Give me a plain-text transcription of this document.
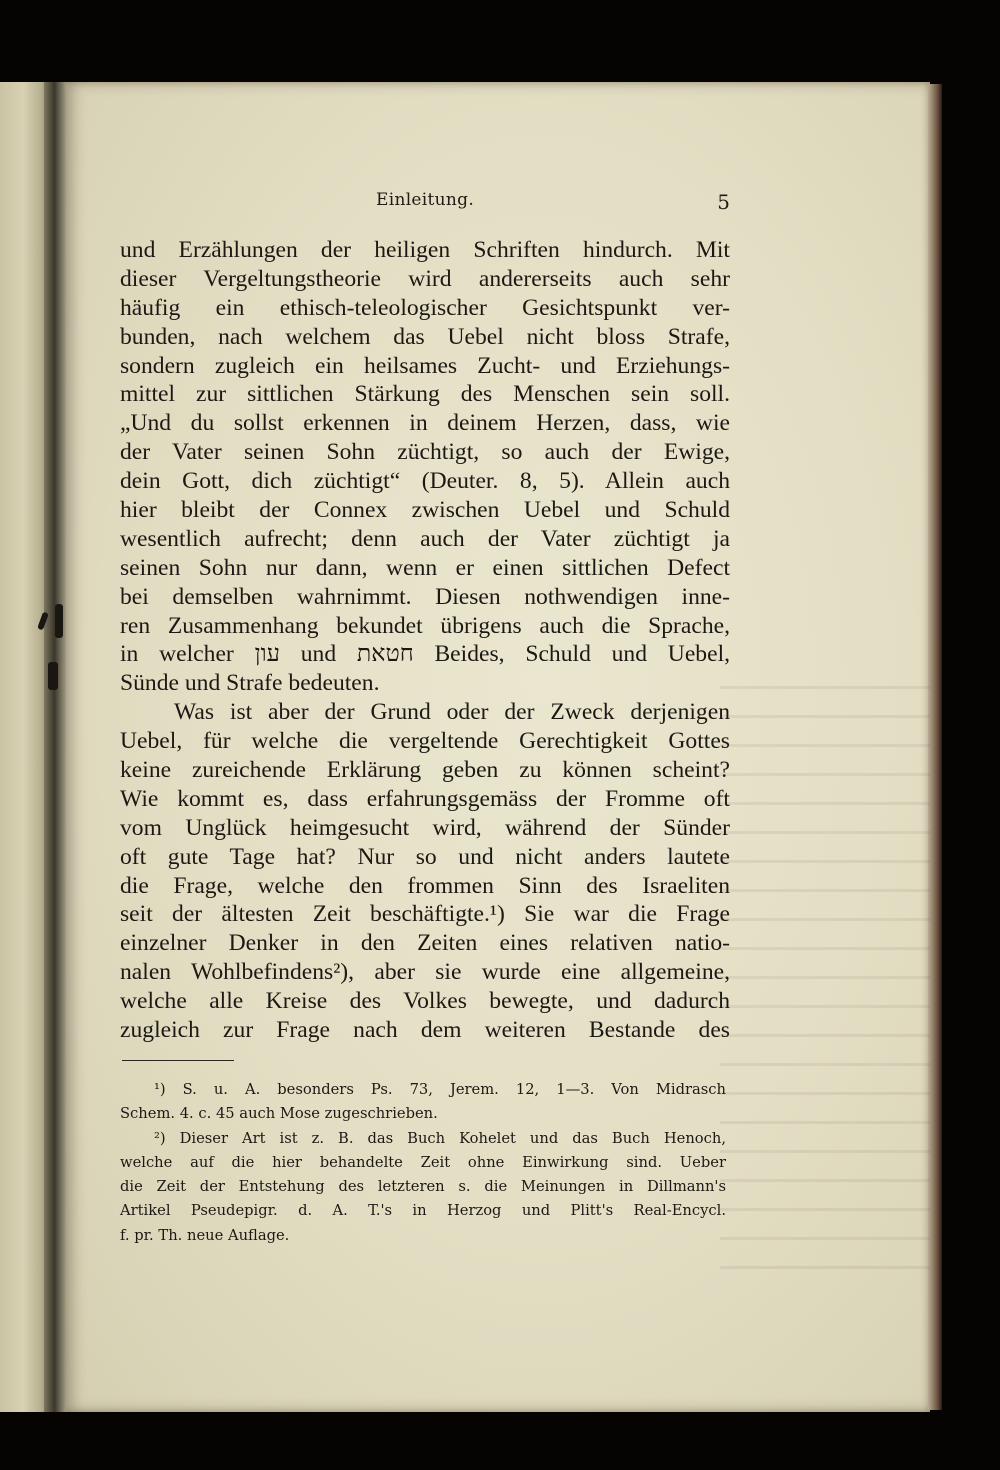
Einleitung.	5
und Erzählungen der heiligen Schriften hindurch. Mit
dieser Vergeltungstheorie wird andererseits auch sehr
häufig ein ethisch-teleologischer Gesichtspunkt ver-
bunden, nach welchem das Uebel nicht bloss Strafe,
sondern zugleich ein heilsames Zucht- und Erziehungs-
mittel zur sittlichen Stärkung des Menschen sein soll.
„Und du sollst erkennen in deinem Herzen, dass, wie
der Vater seinen Sohn züchtigt, so auch der Ewige,
dein Gott, dich züchtigt“ (Deuter. 8, 5). Allein auch
hier bleibt der Connex zwischen Uebel und Schuld
wesentlich aufrecht; denn auch der Vater züchtigt ja
seinen Sohn nur dann, wenn er einen sittlichen Defect
bei demselben wahrnimmt. Diesen nothwendigen inne-
ren Zusammenhang bekundet übrigens auch die Sprache,
in welcher עון und חטאת Beides, Schuld und Uebel,
Sünde und Strafe bedeuten.
Was ist aber der Grund oder der Zweck derjenigen
Uebel, für welche die vergeltende Gerechtigkeit Gottes
keine zureichende Erklärung geben zu können scheint?
Wie kommt es, dass erfahrungsgemäss der Fromme oft
vom Unglück heimgesucht wird, während der Sünder
oft gute Tage hat? Nur so und nicht anders lautete
die Frage, welche den frommen Sinn des Israeliten
seit der ältesten Zeit beschäftigte.¹) Sie war die Frage
einzelner Denker in den Zeiten eines relativen natio-
nalen Wohlbefindens²), aber sie wurde eine allgemeine,
welche alle Kreise des Volkes bewegte, und dadurch
zugleich zur Frage nach dem weiteren Bestande des
¹) S. u. A. besonders Ps. 73, Jerem. 12, 1—3. Von Midrasch
Schem. 4. c. 45 auch Mose zugeschrieben.
²) Dieser Art ist z. B. das Buch Kohelet und das Buch Henoch,
welche auf die hier behandelte Zeit ohne Einwirkung sind. Ueber
die Zeit der Entstehung des letzteren s. die Meinungen in Dillmann's
Artikel Pseudepigr. d. A. T.'s in Herzog und Plitt's Real-Encycl.
f. pr. Th. neue Auflage.
